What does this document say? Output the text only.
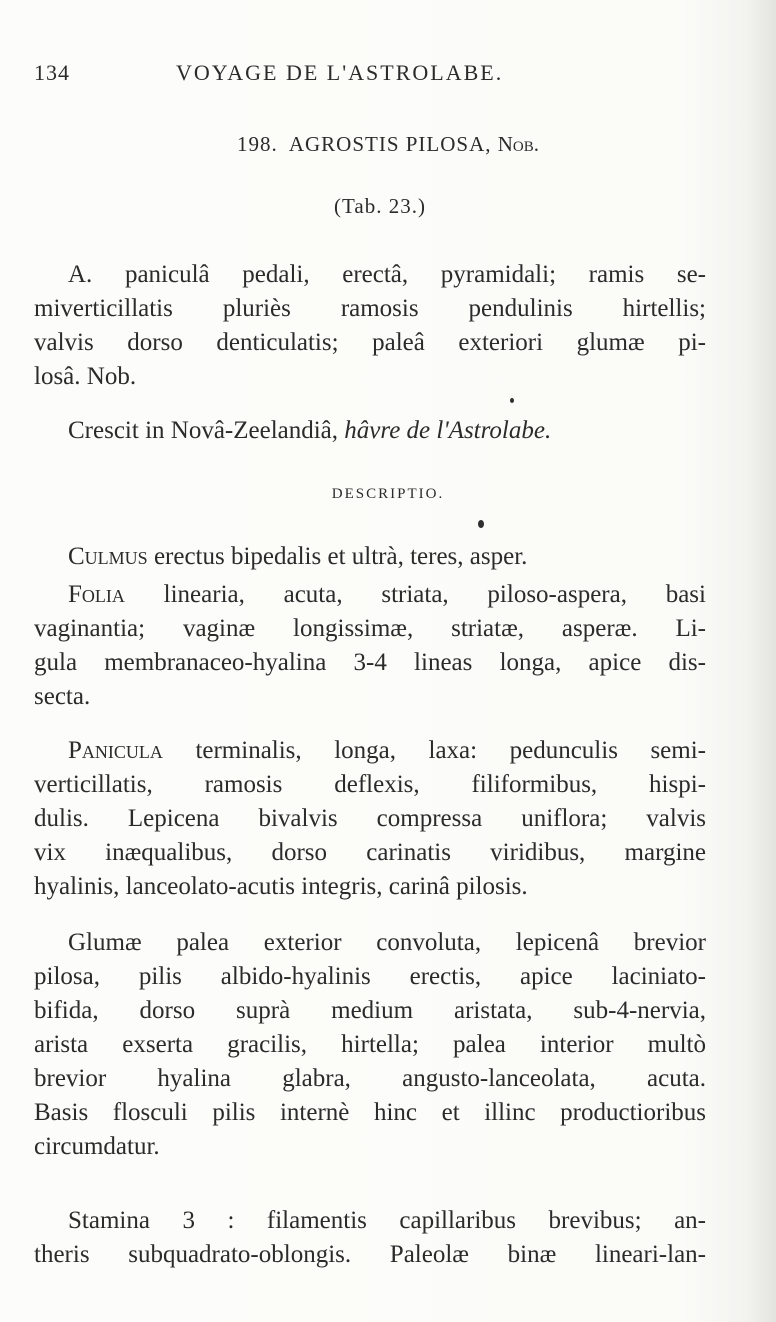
134	VOYAGE DE L'ASTROLABE.
198. AGROSTIS PILOSA, Nob.
(Tab. 23.)
A. paniculâ pedali, erectâ, pyramidali; ramis se-
miverticillatis pluriès ramosis pendulinis hirtellis;
valvis dorso denticulatis; paleâ exteriori glumæ pi-
losâ. Nob.
Crescit in Novâ-Zeelandiâ, hâvre de l'Astrolabe.
DESCRIPTIO.
Culmus erectus bipedalis et ultrà, teres, asper.
Folia linearia, acuta, striata, piloso-aspera, basi
vaginantia; vaginæ longissimæ, striatæ, asperæ. Li-
gula membranaceo-hyalina 3-4 lineas longa, apice dis-
secta.
Panicula terminalis, longa, laxa: pedunculis semi-
verticillatis, ramosis deflexis, filiformibus, hispi-
dulis. Lepicena bivalvis compressa uniflora; valvis
vix inæqualibus, dorso carinatis viridibus, margine
hyalinis, lanceolato-acutis integris, carinâ pilosis.
Glumæ palea exterior convoluta, lepicenâ brevior
pilosa, pilis albido-hyalinis erectis, apice laciniato-
bifida, dorso suprà medium aristata, sub-4-nervia,
arista exserta gracilis, hirtella; palea interior multò
brevior hyalina glabra, angusto-lanceolata, acuta.
Basis flosculi pilis internè hinc et illinc productioribus
circumdatur.
Stamina 3 : filamentis capillaribus brevibus; an-
theris subquadrato-oblongis. Paleolæ binæ lineari-lan-
